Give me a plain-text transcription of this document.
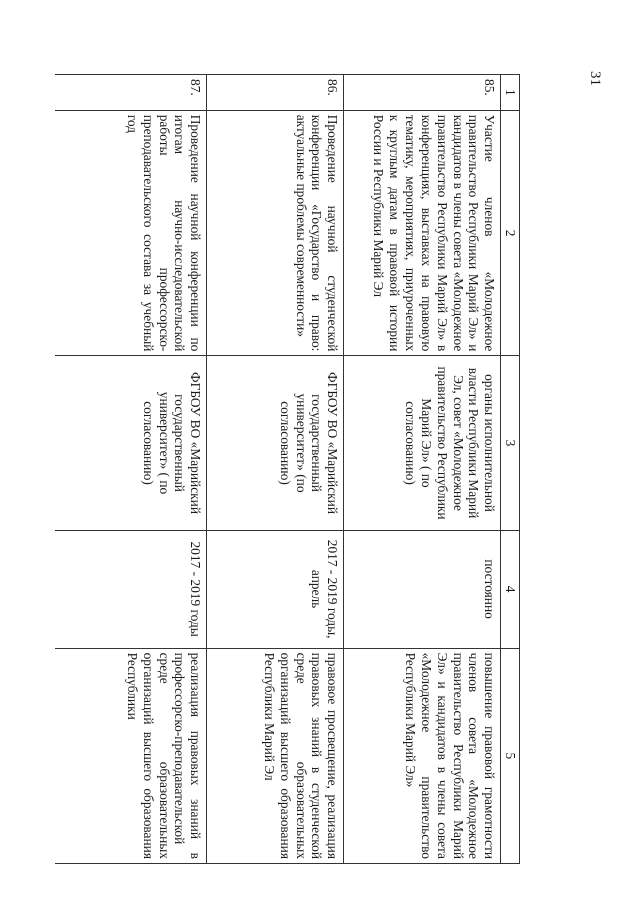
31
1	2	3	4	5
85.	Участие членов «Молодежное правительство Республики Марий Эл» и кандидатов в члены совета «Молодежное правительство Республики Марий Эл» в конференциях, выставках на правовую тематику, мероприятиях, приуроченных к круглым датам в правовой истории России и Республики Марий Эл	органы исполнительной власти Республики Марий Эл, совет «Молодежное правительство Республики Марий Эл» ( по согласованию)	постоянно	повышение правовой грамотности членов совета «Молодежное правительство Республики Марий Эл» и кандидатов в члены совета «Молодежное правительство Республики Марий Эл»
86.	Проведение научной студенческой конференции «Государство и право: актуальные проблемы современности»	ФГБОУ ВО «Марийский государственный университет» (по согласованию)	2017 - 2019 годы, апрель	правовое просвещение, реализация правовых знаний в студенческой среде образовательных организаций высшего образования Республики Марий Эл
87.	Проведение научной конференции по итогам научно-исследовательской работы профессорско-преподавательского состава за учебный год	ФГБОУ ВО «Марийский государственный университет» ( по согласованию)	2017 - 2019 годы	реализация правовых знаний в профессорско-преподавательской среде образовательных организаций высшего образования Республики
